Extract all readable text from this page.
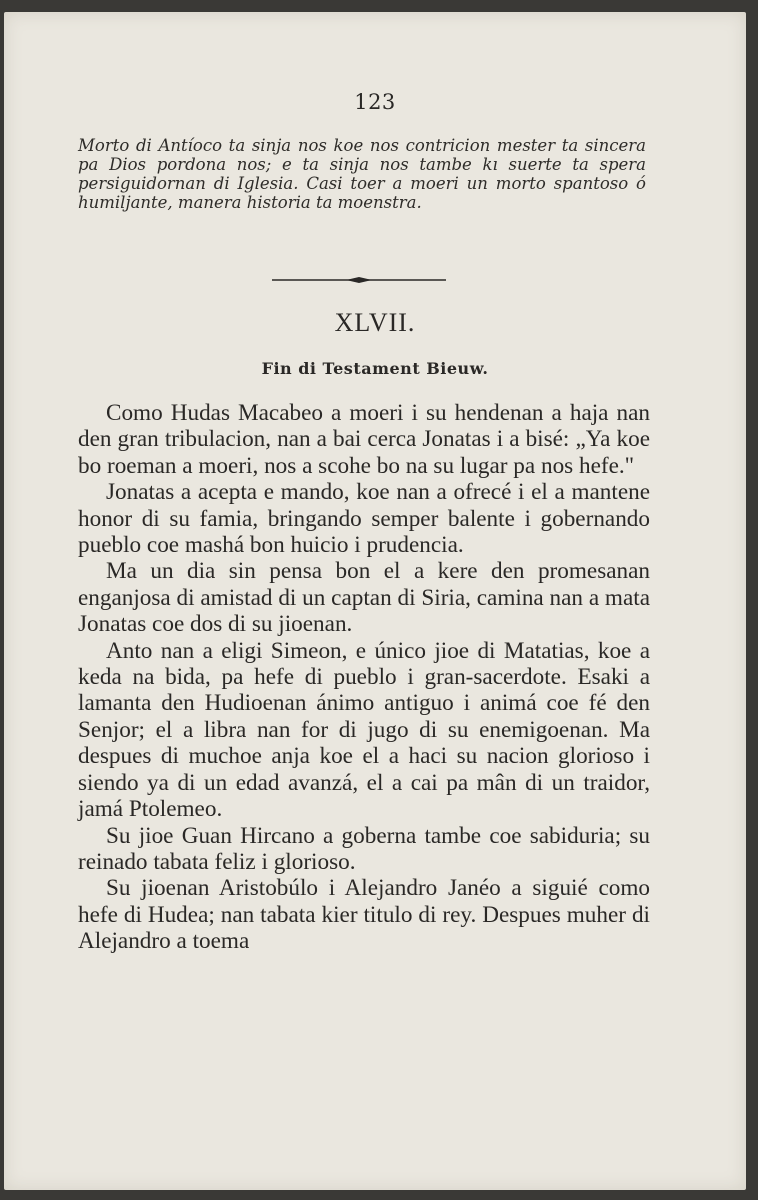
123

Morto di Antíoco ta sinja nos koe nos contricion mester ta sincera pa Dios pordona nos; e ta sinja nos tambe kı suerte ta spera persiguidornan di Iglesia. Casi toer a moeri un morto spantoso ó humiljante, manera historia ta moenstra.

XLVII.
Fin di Testament Bieuw.

Como Hudas Macabeo a moeri i su hendenan a haja nan den gran tribulacion, nan a bai cerca Jonatas i a bisé: „Ya koe bo roeman a moeri, nos a scohe bo na su lugar pa nos hefe."

Jonatas a acepta e mando, koe nan a ofrecé i el a mantene honor di su famia, bringando semper balente i gobernando pueblo coe mashá bon huicio i prudencia.

Ma un dia sin pensa bon el a kere den promesanan enganjosa di amistad di un captan di Siria, camina nan a mata Jonatas coe dos di su jioenan.

Anto nan a eligi Simeon, e único jioe di Matatias, koe a keda na bida, pa hefe di pueblo i gran-sacerdote. Esaki a lamanta den Hudioenan ánimo antiguo i animá coe fé den Senjor; el a libra nan for di jugo di su enemigoenan. Ma despues di muchoe anja koe el a haci su nacion glorioso i siendo ya di un edad avanzá, el a cai pa mân di un traidor, jamá Ptolemeo.

Su jioe Guan Hircano a goberna tambe coe sabiduria; su reinado tabata feliz i glorioso.

Su jioenan Aristobúlo i Alejandro Janéo a siguié como hefe di Hudea; nan tabata kier titulo di rey. Despues muher di Alejandro a toema
